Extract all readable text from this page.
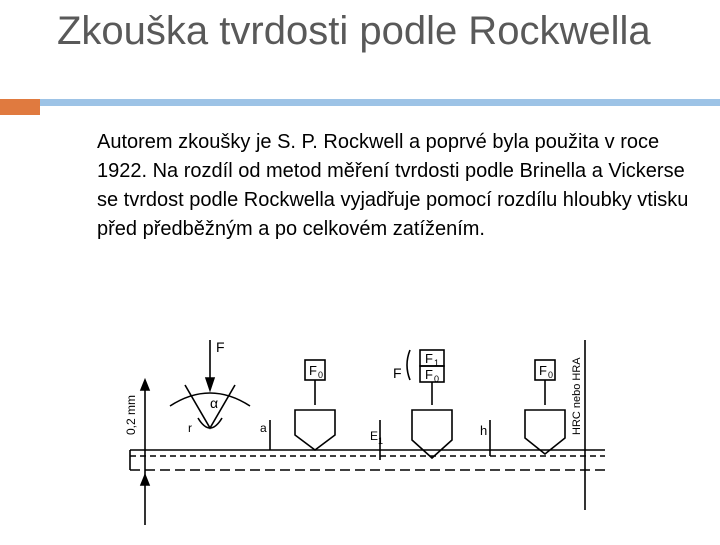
Zkouška tvrdosti podle Rockwella
Autorem zkoušky je S. P. Rockwell a poprvé byla použita v roce 1922. Na rozdíl od metod měření tvrdosti podle Brinella a Vickerse se tvrdost podle Rockwella vyjadřuje pomocí rozdílu hloubky vtisku před předběžným a po celkovém zatížením.
0,2 mm
F
α
r
F 0
a
F
F 1
F 0
E 1
F 0
h	HRC nebo HRA
